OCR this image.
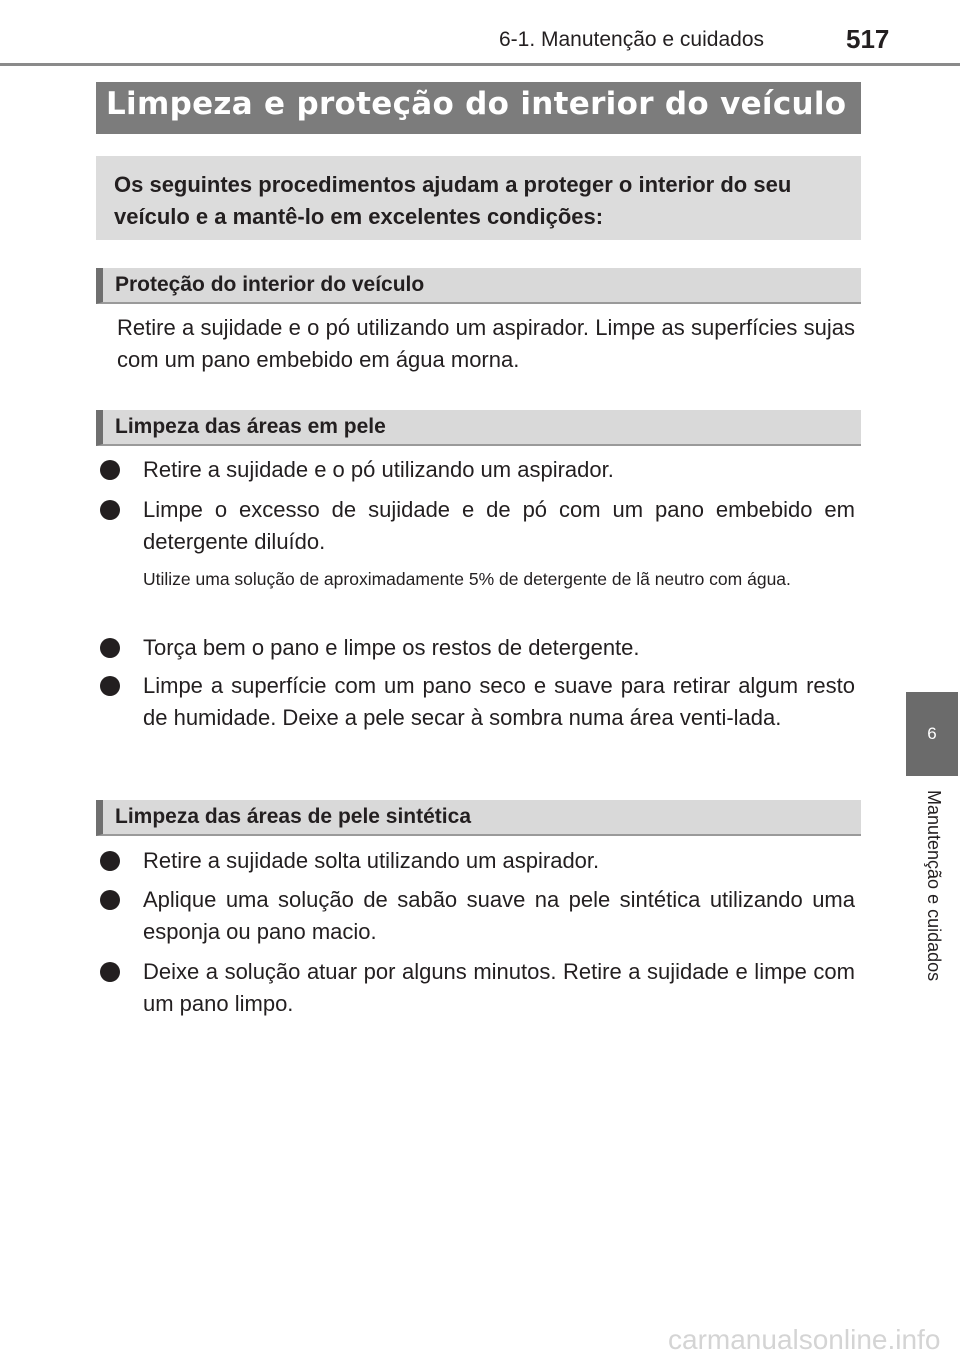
6-1. Manutenção e cuidados	517
Limpeza e proteção do interior do veículo
Os seguintes procedimentos ajudam a proteger o interior do seu veículo e a mantê-lo em excelentes condições:
Proteção do interior do veículo
Retire a sujidade e o pó utilizando um aspirador. Limpe as superfícies sujas com um pano embebido em água morna.
Limpeza das áreas em pele
Retire a sujidade e o pó utilizando um aspirador.
Limpe o excesso de sujidade e de pó com um pano embebido em detergente diluído.
Utilize uma solução de aproximadamente 5% de detergente de lã neutro com água.
Torça bem o pano e limpe os restos de detergente.
Limpe a superfície com um pano seco e suave para retirar algum resto de humidade. Deixe a pele secar à sombra numa área venti-lada.
Limpeza das áreas de pele sintética
Retire a sujidade solta utilizando um aspirador.
Aplique uma solução de sabão suave na pele sintética utilizando uma esponja ou pano macio.
Deixe a solução atuar por alguns minutos. Retire a sujidade e limpe com um pano limpo.
6
Manutenção e cuidados
carmanualsonline.info
